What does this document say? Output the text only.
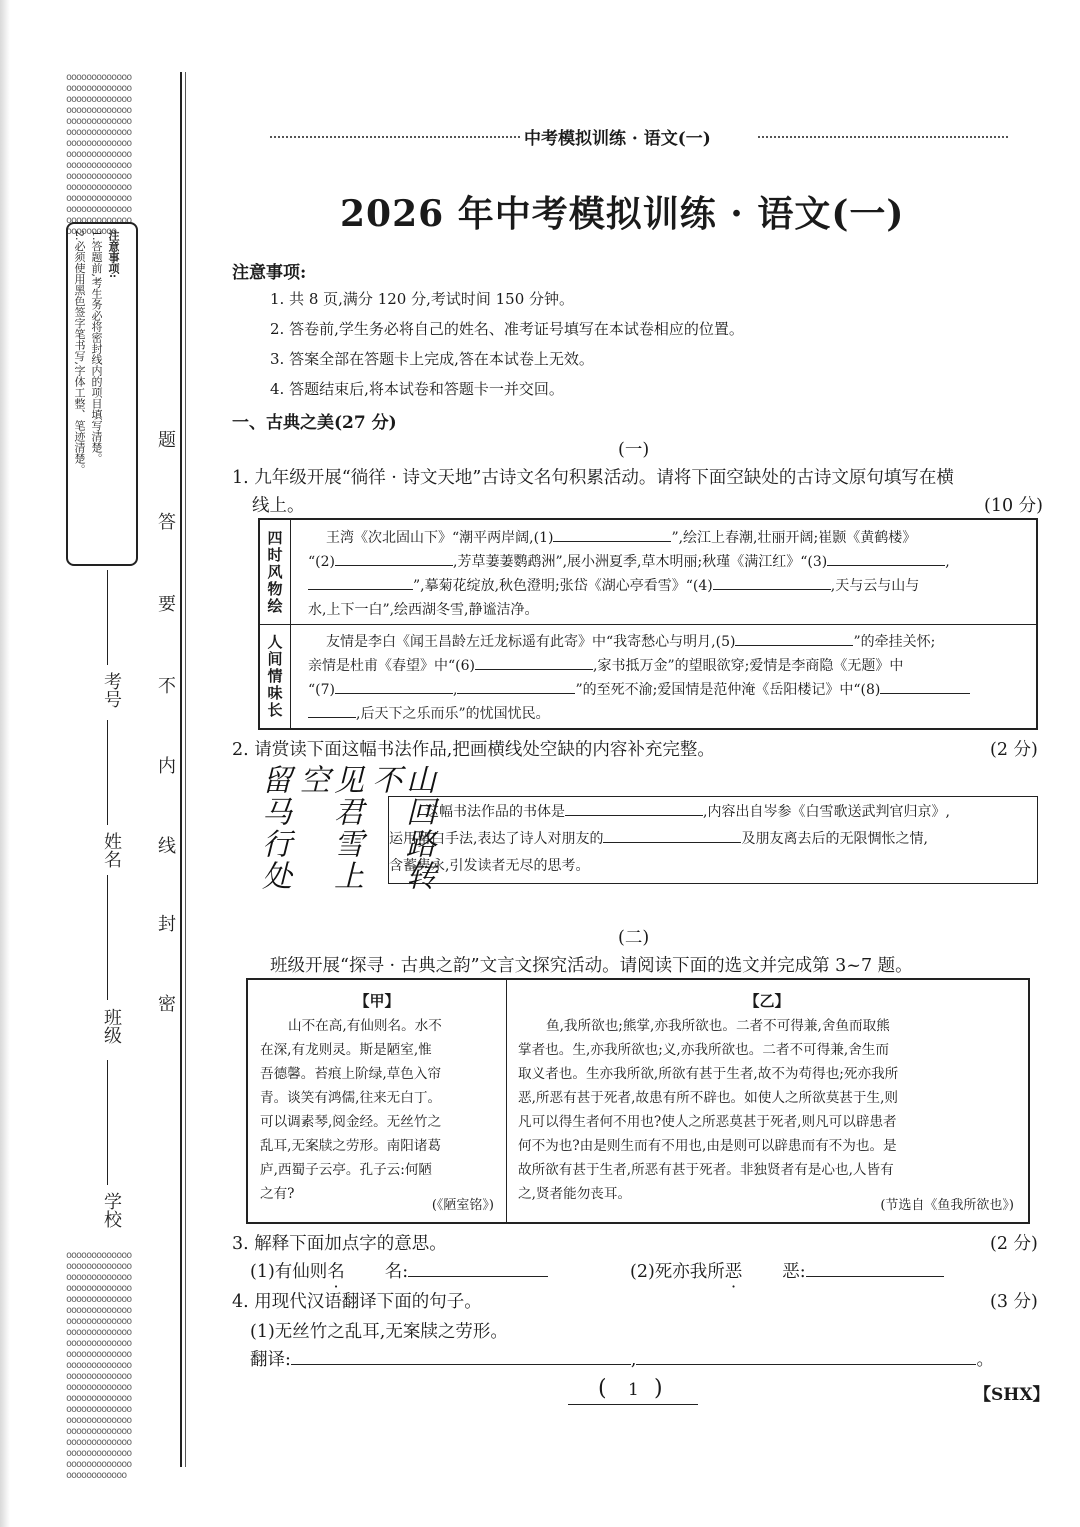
oooooooooooooooooooooooooooooooooooooooooooooooooooooooooooooooooooooooooooooooooooooooooooooooooooooooooooooooooooooooooooooooooooooooooooooooooooooooooooooooooooooooooooooooooooooooooooooooo
oooooooooooooooooooooooooooooooooooooooooooooooooooooooooooooooooooooooooooooooooooooooooooooooooooooooooooooooooooooooooooooooooooooooooooooooooooooooooooooooooooooooooooooooooooooooooooooooooooooooooooooooooooooooooooooooooooooooooooooooooooooooooooooooooooooooooooooooo
注意事项:
1.答题前,考生务必将密封线内的项目填写清楚。
2.必须使用黑色签字笔书写,字体工整、笔迹清楚。
学校
班级
姓名
考号
题
答
要
不
内
线
封
密
中考模拟训练 · 语文(一)
2026 年中考模拟训练 · 语文(一)
注意事项:
1. 共 8 页,满分 120 分,考试时间 150 分钟。
2. 答卷前,学生务必将自己的姓名、准考证号填写在本试卷相应的位置。
3. 答案全部在答题卡上完成,答在本试卷上无效。
4. 答题结束后,将本试卷和答题卡一并交回。
一、古典之美(27 分)
(一)
1. 九年级开展“徜徉 · 诗文天地”古诗文名句积累活动。请将下面空缺处的古诗文原句填写在横
线上。	(10 分)
四时风物绘	王湾《次北固山下》“潮平两岸阔,(1)	”,绘江上春潮,壮丽开阔;崔颢《黄鹤楼》
“(2)	,芳草萋萋鹦鹉洲”,展小洲夏季,草木明丽;秋瑾《满江红》“(3)	,
”,摹菊花绽放,秋色澄明;张岱《湖心亭看雪》“(4)	,天与云与山与
水,上下一白”,绘西湖冬雪,静谧洁净。
人间情味长	友情是李白《闻王昌龄左迁龙标遥有此寄》中“我寄愁心与明月,(5)	”的牵挂关怀;
亲情是杜甫《春望》中“(6)	,家书抵万金”的望眼欲穿;爱情是李商隐《无题》中
“(7)	,	”的至死不渝;爱国情是范仲淹《岳阳楼记》中“(8)
,后天下之乐而乐”的忧国忧民。
2. 请赏读下面这幅书法作品,把画横线处空缺的内容补充完整。	(2 分)
山回路转不
见君雪上空
留马行处	这幅书法作品的书体是	,内容出自岑参《白雪歌送武判官归京》,
运用留白手法,表达了诗人对朋友的	及朋友离去后的无限惆怅之情,
含蓄隽永,引发读者无尽的思考。
(二)
班级开展“探寻 · 古典之韵”文言文探究活动。请阅读下面的选文并完成第 3~7 题。
【甲】
山不在高,有仙则名。水不
在深,有龙则灵。斯是陋室,惟
吾德馨。苔痕上阶绿,草色入帘
青。谈笑有鸿儒,往来无白丁。
可以调素琴,阅金经。无丝竹之
乱耳,无案牍之劳形。南阳诸葛
庐,西蜀子云亭。孔子云:何陋
之有?
(《陋室铭》)
【乙】
鱼,我所欲也;熊掌,亦我所欲也。二者不可得兼,舍鱼而取熊
掌者也。生,亦我所欲也;义,亦我所欲也。二者不可得兼,舍生而
取义者也。生亦我所欲,所欲有甚于生者,故不为苟得也;死亦我所
恶,所恶有甚于死者,故患有所不辟也。如使人之所欲莫甚于生,则
凡可以得生者何不用也?使人之所恶莫甚于死者,则凡可以辟患者
何不为也?由是则生而有不用也,由是则可以辟患而有不为也。是
故所欲有甚于生者,所恶有甚于死者。非独贤者有是心也,人皆有
之,贤者能勿丧耳。
(节选自《鱼我所欲也》)
3. 解释下面加点字的意思。	(2 分)
(1)有仙则名 名:	(2)死亦我所恶 恶:
4. 用现代汉语翻译下面的句子。	(3 分)
(1)无丝竹之乱耳,无案牍之劳形。
翻译:	,	。
( 1 )	【SHX】
